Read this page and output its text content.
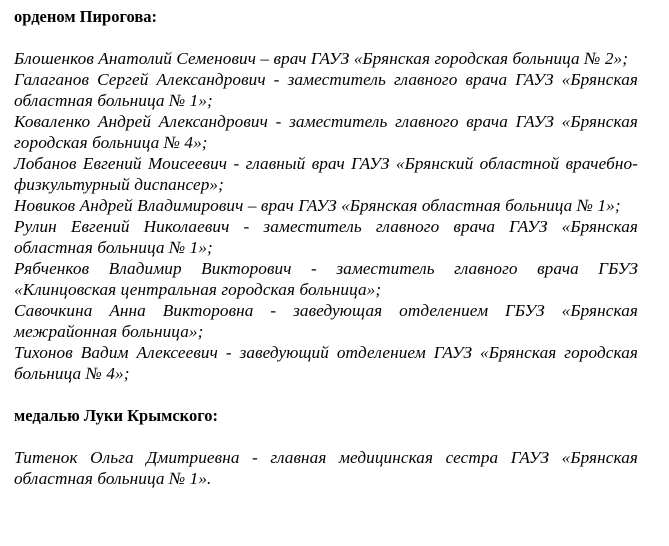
орденом Пирогова:

Блошенков Анатолий Семенович – врач ГАУЗ «Брянская городская больница № 2»;

Галаганов Сергей Александрович - заместитель главного врача ГАУЗ «Брянская областная больница № 1»;

Коваленко Андрей Александрович - заместитель главного врача ГАУЗ «Брянская городская больница № 4»;

Лобанов Евгений Моисеевич - главный врач ГАУЗ «Брянский областной врачебно-физкультурный диспансер»;

Новиков Андрей Владимирович – врач ГАУЗ «Брянская областная больница № 1»;

Рулин Евгений Николаевич - заместитель главного врача ГАУЗ «Брянская областная больница № 1»;

Рябченков Владимир Викторович - заместитель главного врача ГБУЗ «Клинцовская центральная городская больница»;

Савочкина Анна Викторовна - заведующая отделением ГБУЗ «Брянская межрайонная больница»;

Тихонов Вадим Алексеевич - заведующий отделением ГАУЗ «Брянская городская больница № 4»;

медалью Луки Крымского:

Титенок Ольга Дмитриевна - главная медицинская сестра ГАУЗ «Брянская областная больница № 1».
